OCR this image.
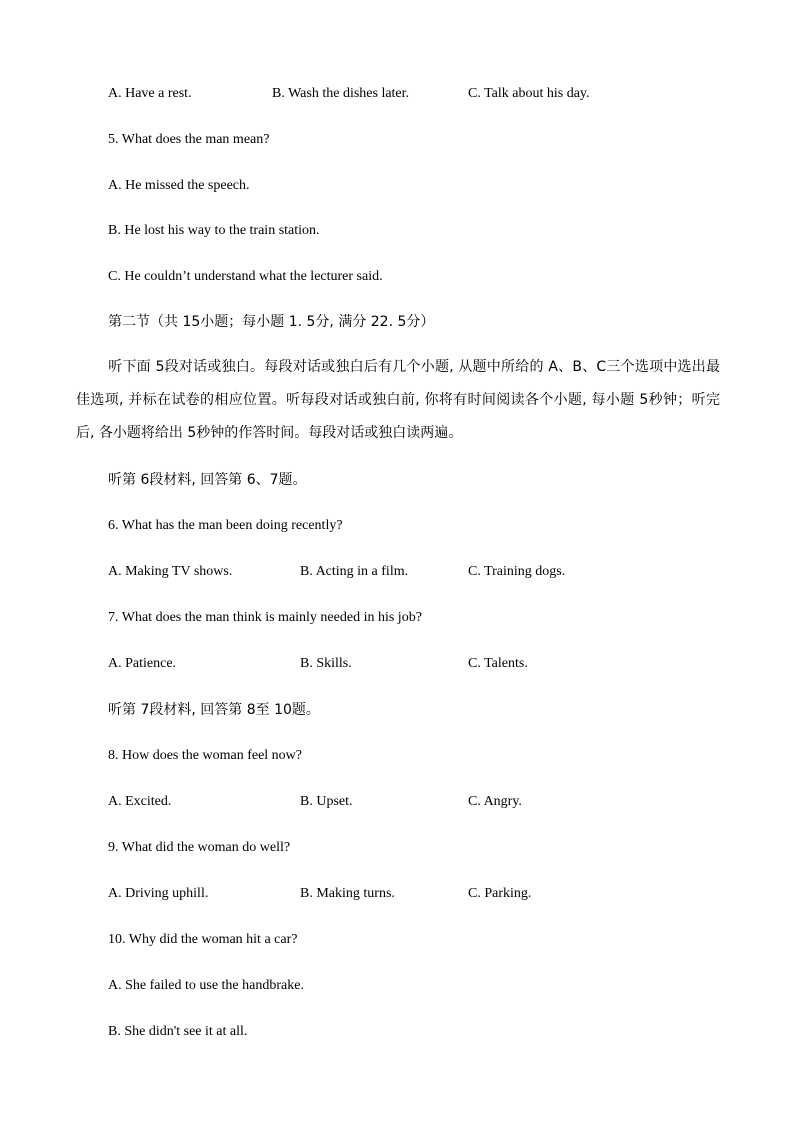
A. Have a rest.	B. Wash the dishes later.	C. Talk about his day.
5. What does the man mean?
A. He missed the speech.
B. He lost his way to the train station.
C. He couldn’t understand what the lecturer said.
第二节（共 15小题；每小题 1. 5分, 满分 22. 5分）
听下面 5段对话或独白。每段对话或独白后有几个小题, 从题中所给的 A、B、C三个选项中选出最佳选项, 并标在试卷的相应位置。听每段对话或独白前, 你将有时间阅读各个小题, 每小题 5秒钟；听完后, 各小题将给出 5秒钟的作答时间。每段对话或独白读两遍。
听第 6段材料, 回答第 6、7题。
6. What has the man been doing recently?
A. Making TV shows.	B. Acting in a film.	C. Training dogs.
7. What does the man think is mainly needed in his job?
A. Patience.	B. Skills.	C. Talents.
听第 7段材料, 回答第 8至 10题。
8. How does the woman feel now?
A. Excited.	B. Upset.	C. Angry.
9. What did the woman do well?
A. Driving uphill.	B. Making turns.	C. Parking.
10. Why did the woman hit a car?
A. She failed to use the handbrake.
B. She didn't see it at all.
